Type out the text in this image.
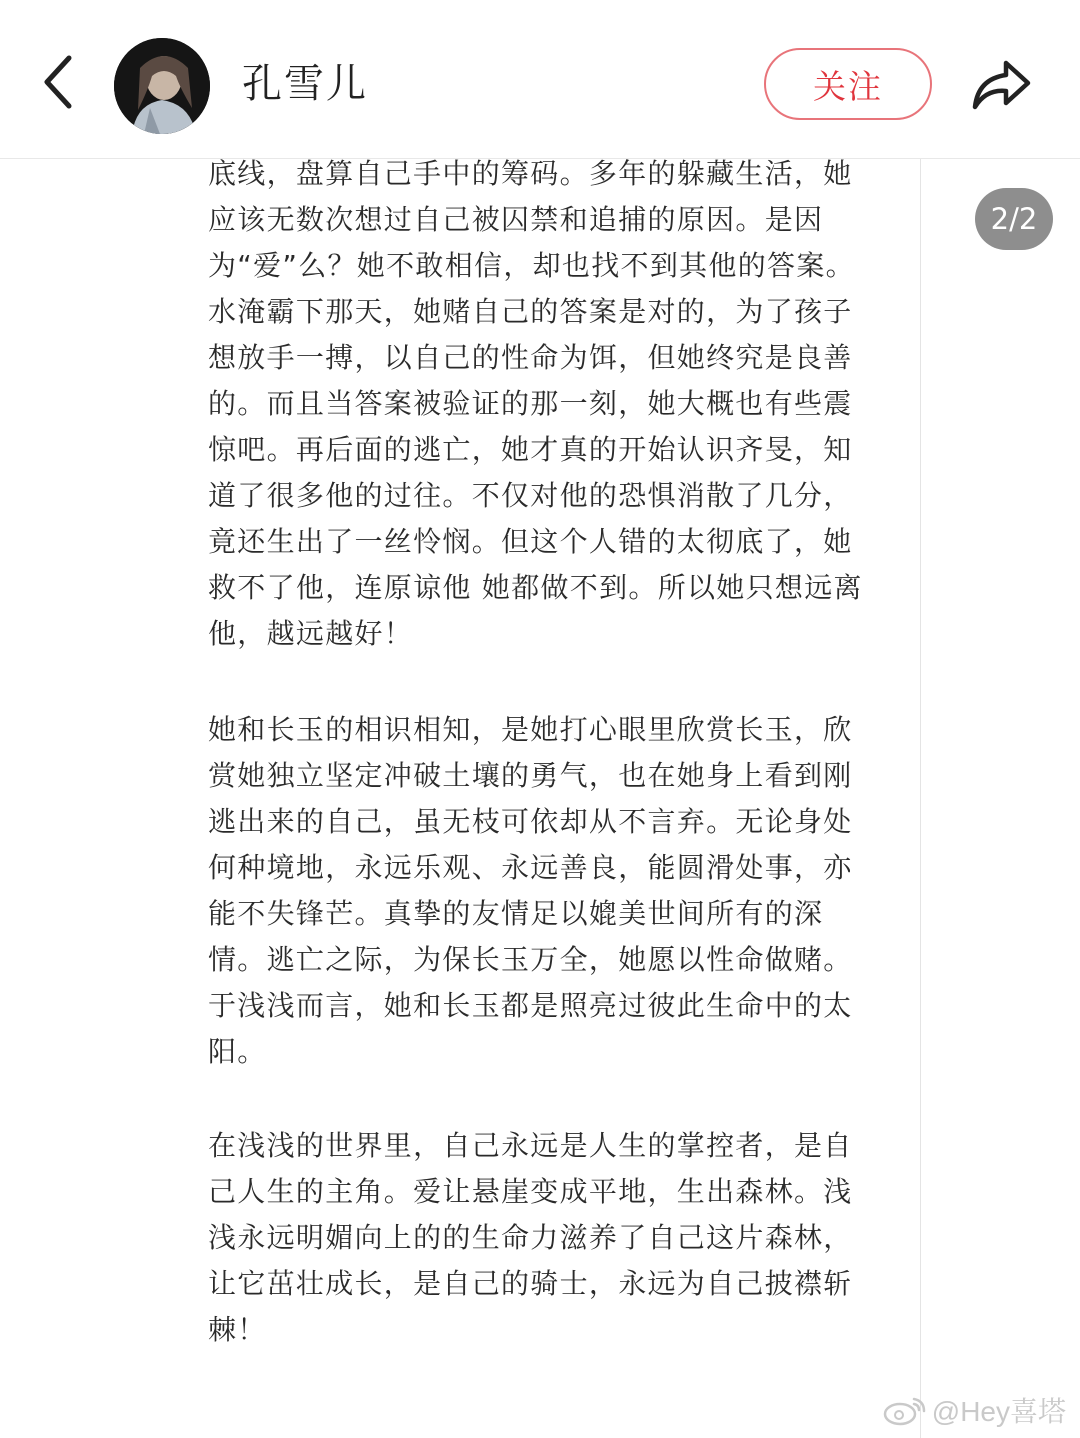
孔雪儿	关注

底线，盘算自己手中的筹码。多年的躲藏生活，她应该无数次想过自己被囚禁和追捕的原因。是因为“爱”么？她不敢相信，却也找不到其他的答案。水淹霸下那天，她赌自己的答案是对的，为了孩子想放手一搏，以自己的性命为饵，但她终究是良善的。而且当答案被验证的那一刻，她大概也有些震惊吧。再后面的逃亡，她才真的开始认识齐旻，知道了很多他的过往。不仅对他的恐惧消散了几分，竟还生出了一丝怜悯。但这个人错的太彻底了，她救不了他，连原谅他 她都做不到。所以她只想远离他，越远越好！

她和长玉的相识相知，是她打心眼里欣赏长玉，欣赏她独立坚定冲破土壤的勇气，也在她身上看到刚逃出来的自己，虽无枝可依却从不言弃。无论身处何种境地，永远乐观、永远善良，能圆滑处事，亦能不失锋芒。真挚的友情足以媲美世间所有的深情。逃亡之际，为保长玉万全，她愿以性命做赌。于浅浅而言，她和长玉都是照亮过彼此生命中的太阳。

在浅浅的世界里，自己永远是人生的掌控者，是自己人生的主角。爱让悬崖变成平地，生出森林。浅浅永远明媚向上的的生命力滋养了自己这片森林，让它茁壮成长，是自己的骑士，永远为自己披襟斩棘！

2/2
@Hey喜塔
